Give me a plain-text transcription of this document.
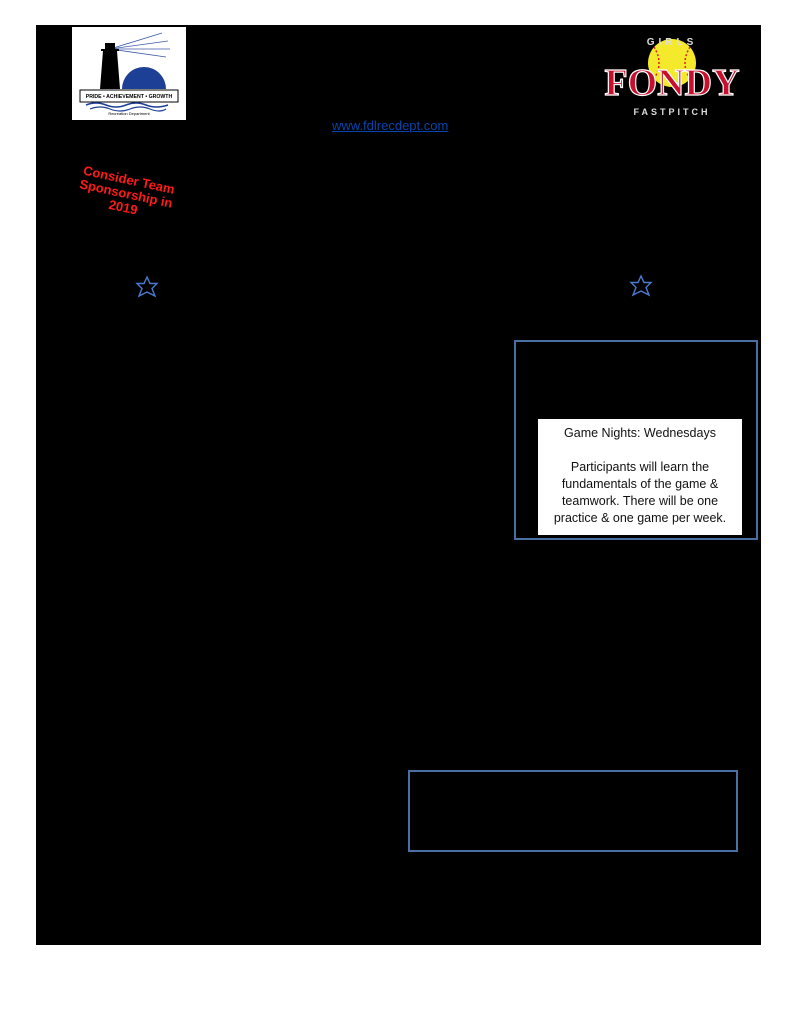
PRIDE • ACHIEVEMENT • GROWTH
Recreation Department
GIRLS
FONDY
FASTPITCH
www.fdlrecdept.com
Consider Team Sponsorship in 2019
Game Nights: Wednesdays
Participants will learn the fundamentals of the game & teamwork. There will be one practice & one game per week.
